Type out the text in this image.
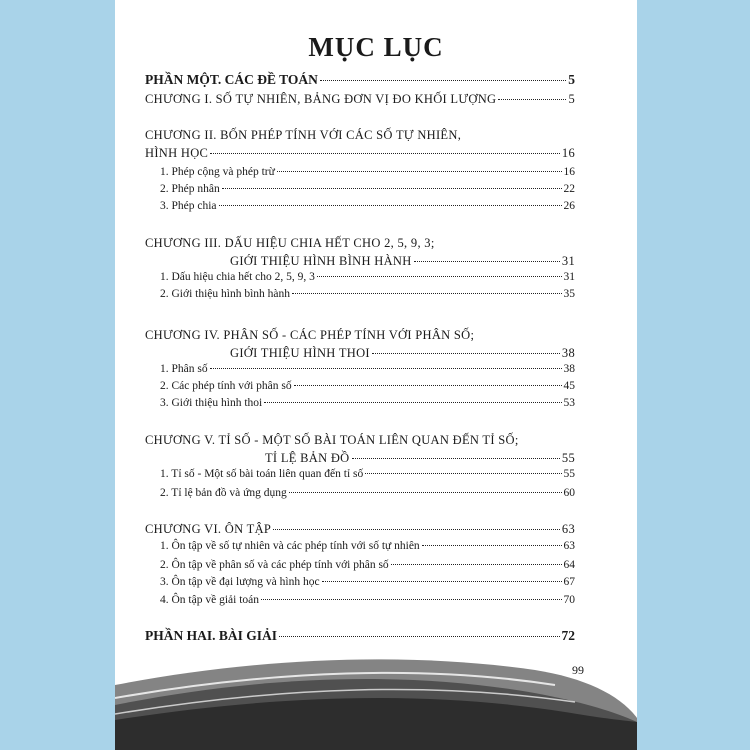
MỤC LỤC
PHẦN MỘT. CÁC ĐỀ TOÁN	5
CHƯƠNG I. SỐ TỰ NHIÊN, BẢNG ĐƠN VỊ ĐO KHỐI LƯỢNG	5
CHƯƠNG II. BỐN PHÉP TÍNH VỚI CÁC SỐ TỰ NHIÊN,
HÌNH HỌC	16
1. Phép cộng và phép trừ	16
2. Phép nhân	22
3. Phép chia	26
CHƯƠNG III. DẤU HIỆU CHIA HẾT CHO 2, 5, 9, 3;
GIỚI THIỆU HÌNH BÌNH HÀNH	31
1. Dấu hiệu chia hết cho 2, 5, 9, 3	31
2. Giới thiệu hình bình hành	35
CHƯƠNG IV. PHÂN SỐ - CÁC PHÉP TÍNH VỚI PHÂN SỐ;
GIỚI THIỆU HÌNH THOI	38
1. Phân số	38
2. Các phép tính với phân số	45
3. Giới thiệu hình thoi	53
CHƯƠNG V. TỈ SỐ - MỘT SỐ BÀI TOÁN LIÊN QUAN ĐẾN TỈ SỐ;
TỈ LỆ BẢN ĐỒ	55
1. Tỉ số - Một số bài toán liên quan đến tỉ số	55
2. Tỉ lệ bản đồ và ứng dụng	60
CHƯƠNG VI. ÔN TẬP	63
1. Ôn tập về số tự nhiên và các phép tính với số tự nhiên	63
2. Ôn tập về phân số và các phép tính với phân số	64
3. Ôn tập về đại lượng và hình học	67
4. Ôn tập về giải toán	70
PHẦN HAI. BÀI GIẢI	72
99
